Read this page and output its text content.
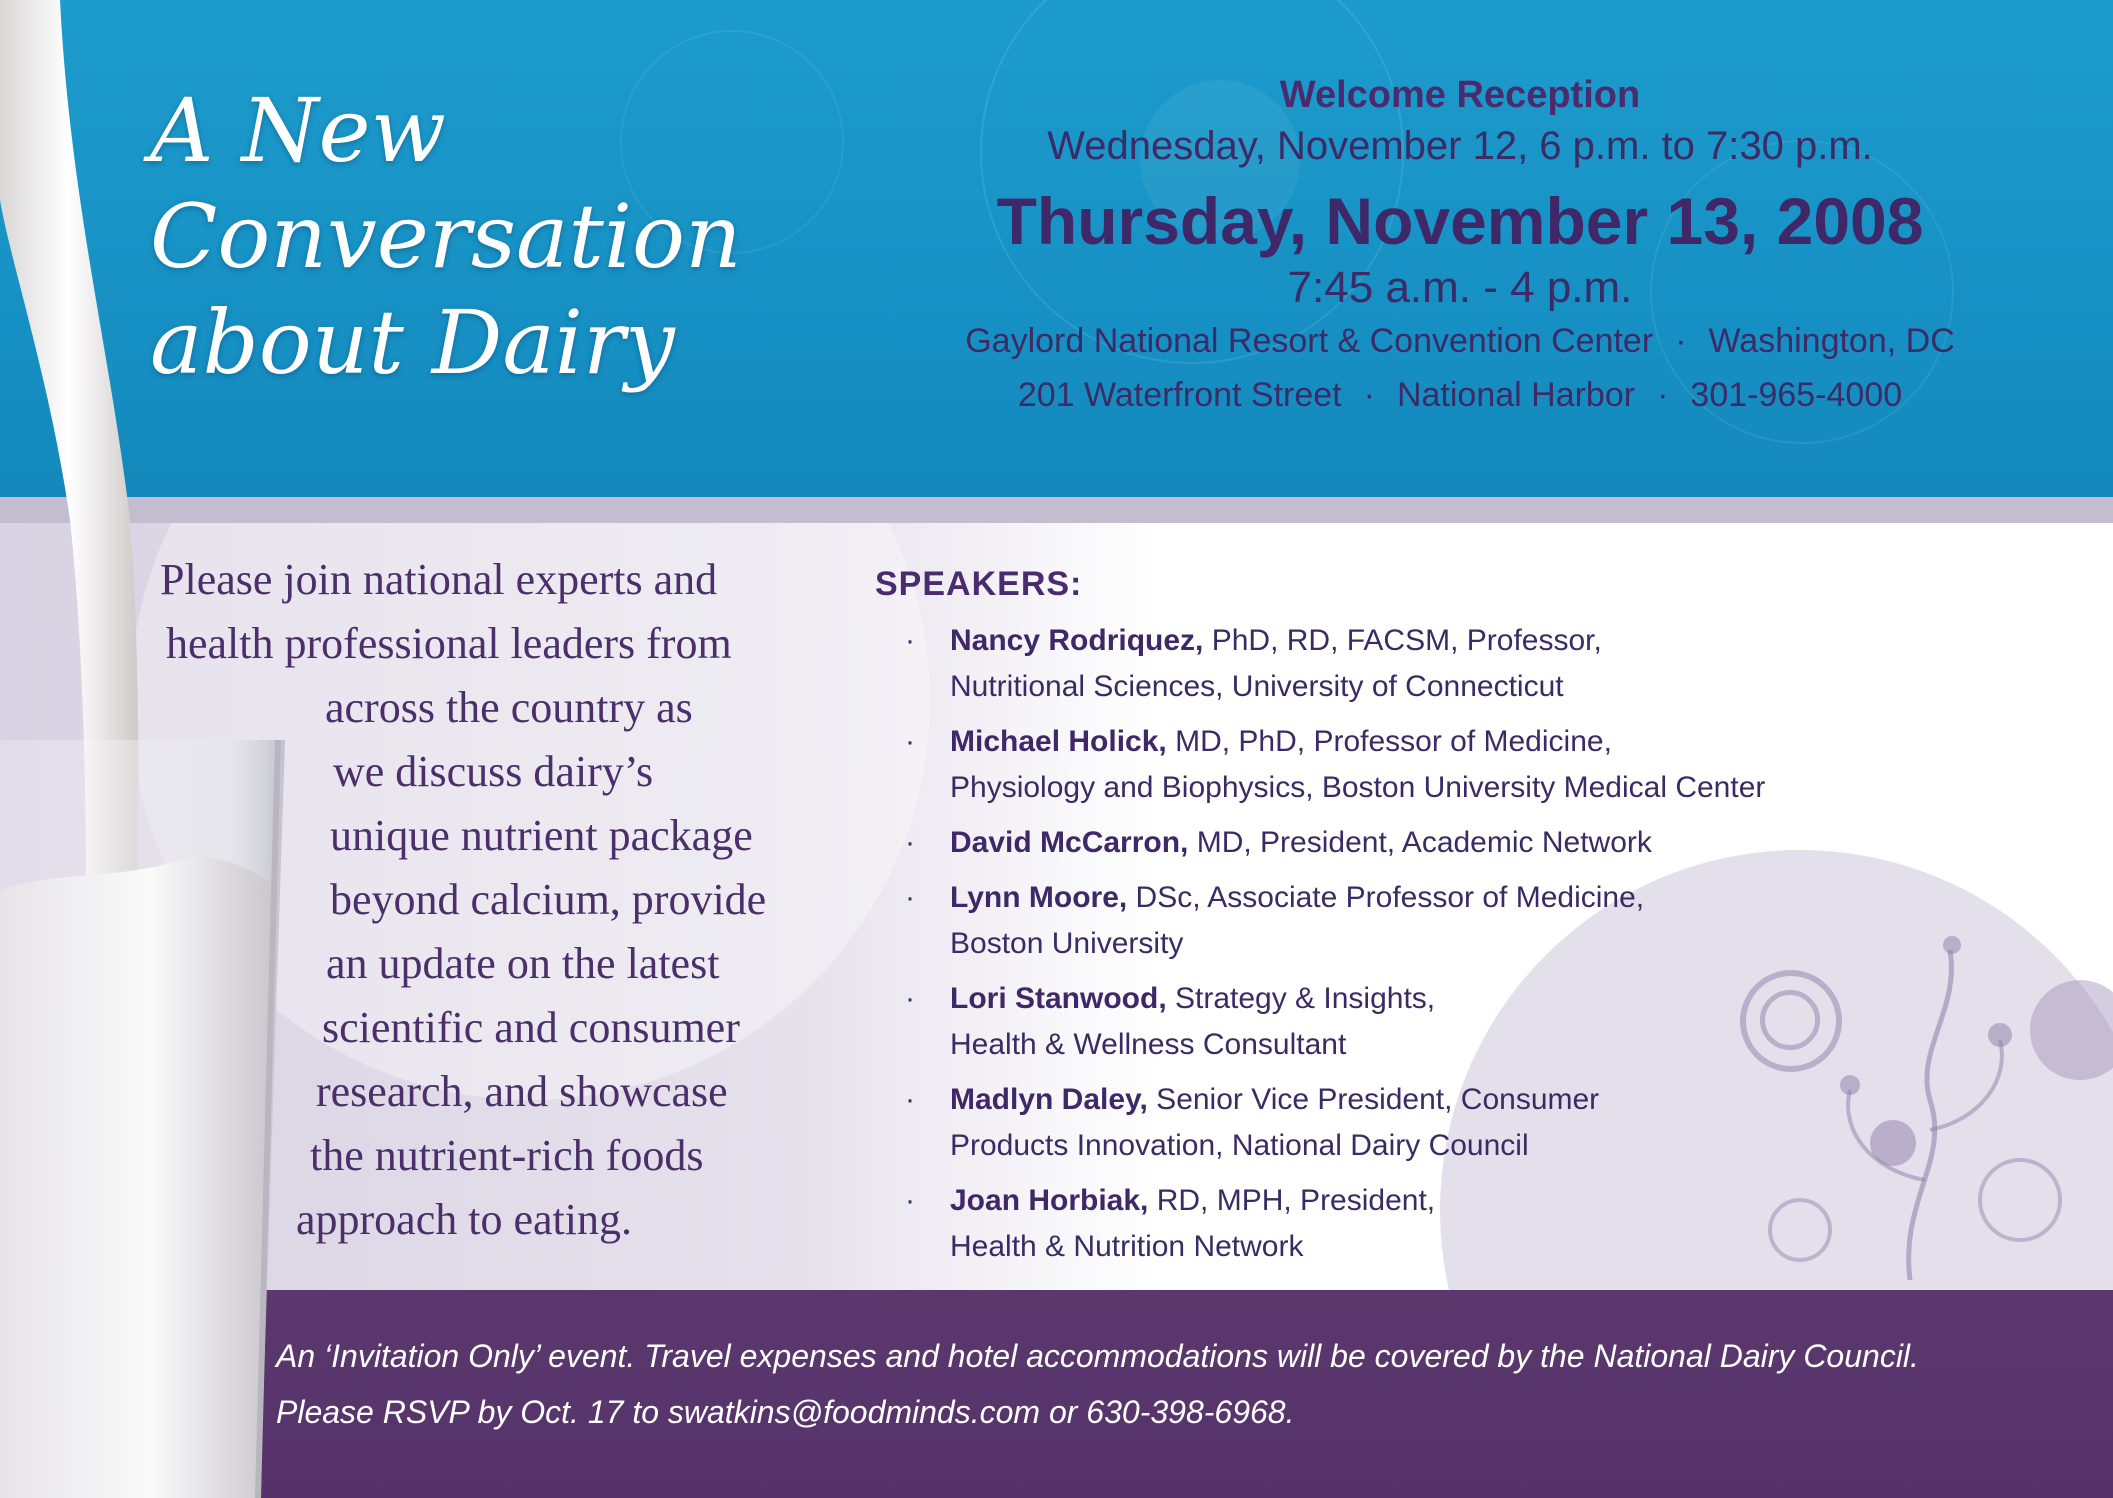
A New
Conversation
about Dairy
Welcome Reception
Wednesday, November 12, 6 p.m. to 7:30 p.m.
Thursday, November 13, 2008
7:45 a.m. - 4 p.m.
Gaylord National Resort & Convention Center · Washington, DC
201 Waterfront Street · National Harbor · 301-965-4000
Please join national experts and
health professional leaders from
across the country as
we discuss dairy’s
unique nutrient package
beyond calcium, provide
an update on the latest
scientific and consumer
research, and showcase
the nutrient-rich foods
approach to eating.
SPEAKERS:
· Nancy Rodriquez, PhD, RD, FACSM, Professor,
Nutritional Sciences, University of Connecticut
· Michael Holick, MD, PhD, Professor of Medicine,
Physiology and Biophysics, Boston University Medical Center
· David McCarron, MD, President, Academic Network
· Lynn Moore, DSc, Associate Professor of Medicine,
Boston University
· Lori Stanwood, Strategy & Insights,
Health & Wellness Consultant
· Madlyn Daley, Senior Vice President, Consumer
Products Innovation, National Dairy Council
· Joan Horbiak, RD, MPH, President,
Health & Nutrition Network
An ‘Invitation Only’ event. Travel expenses and hotel accommodations will be covered by the National Dairy Council.
Please RSVP by Oct. 17 to swatkins@foodminds.com or 630-398-6968.
